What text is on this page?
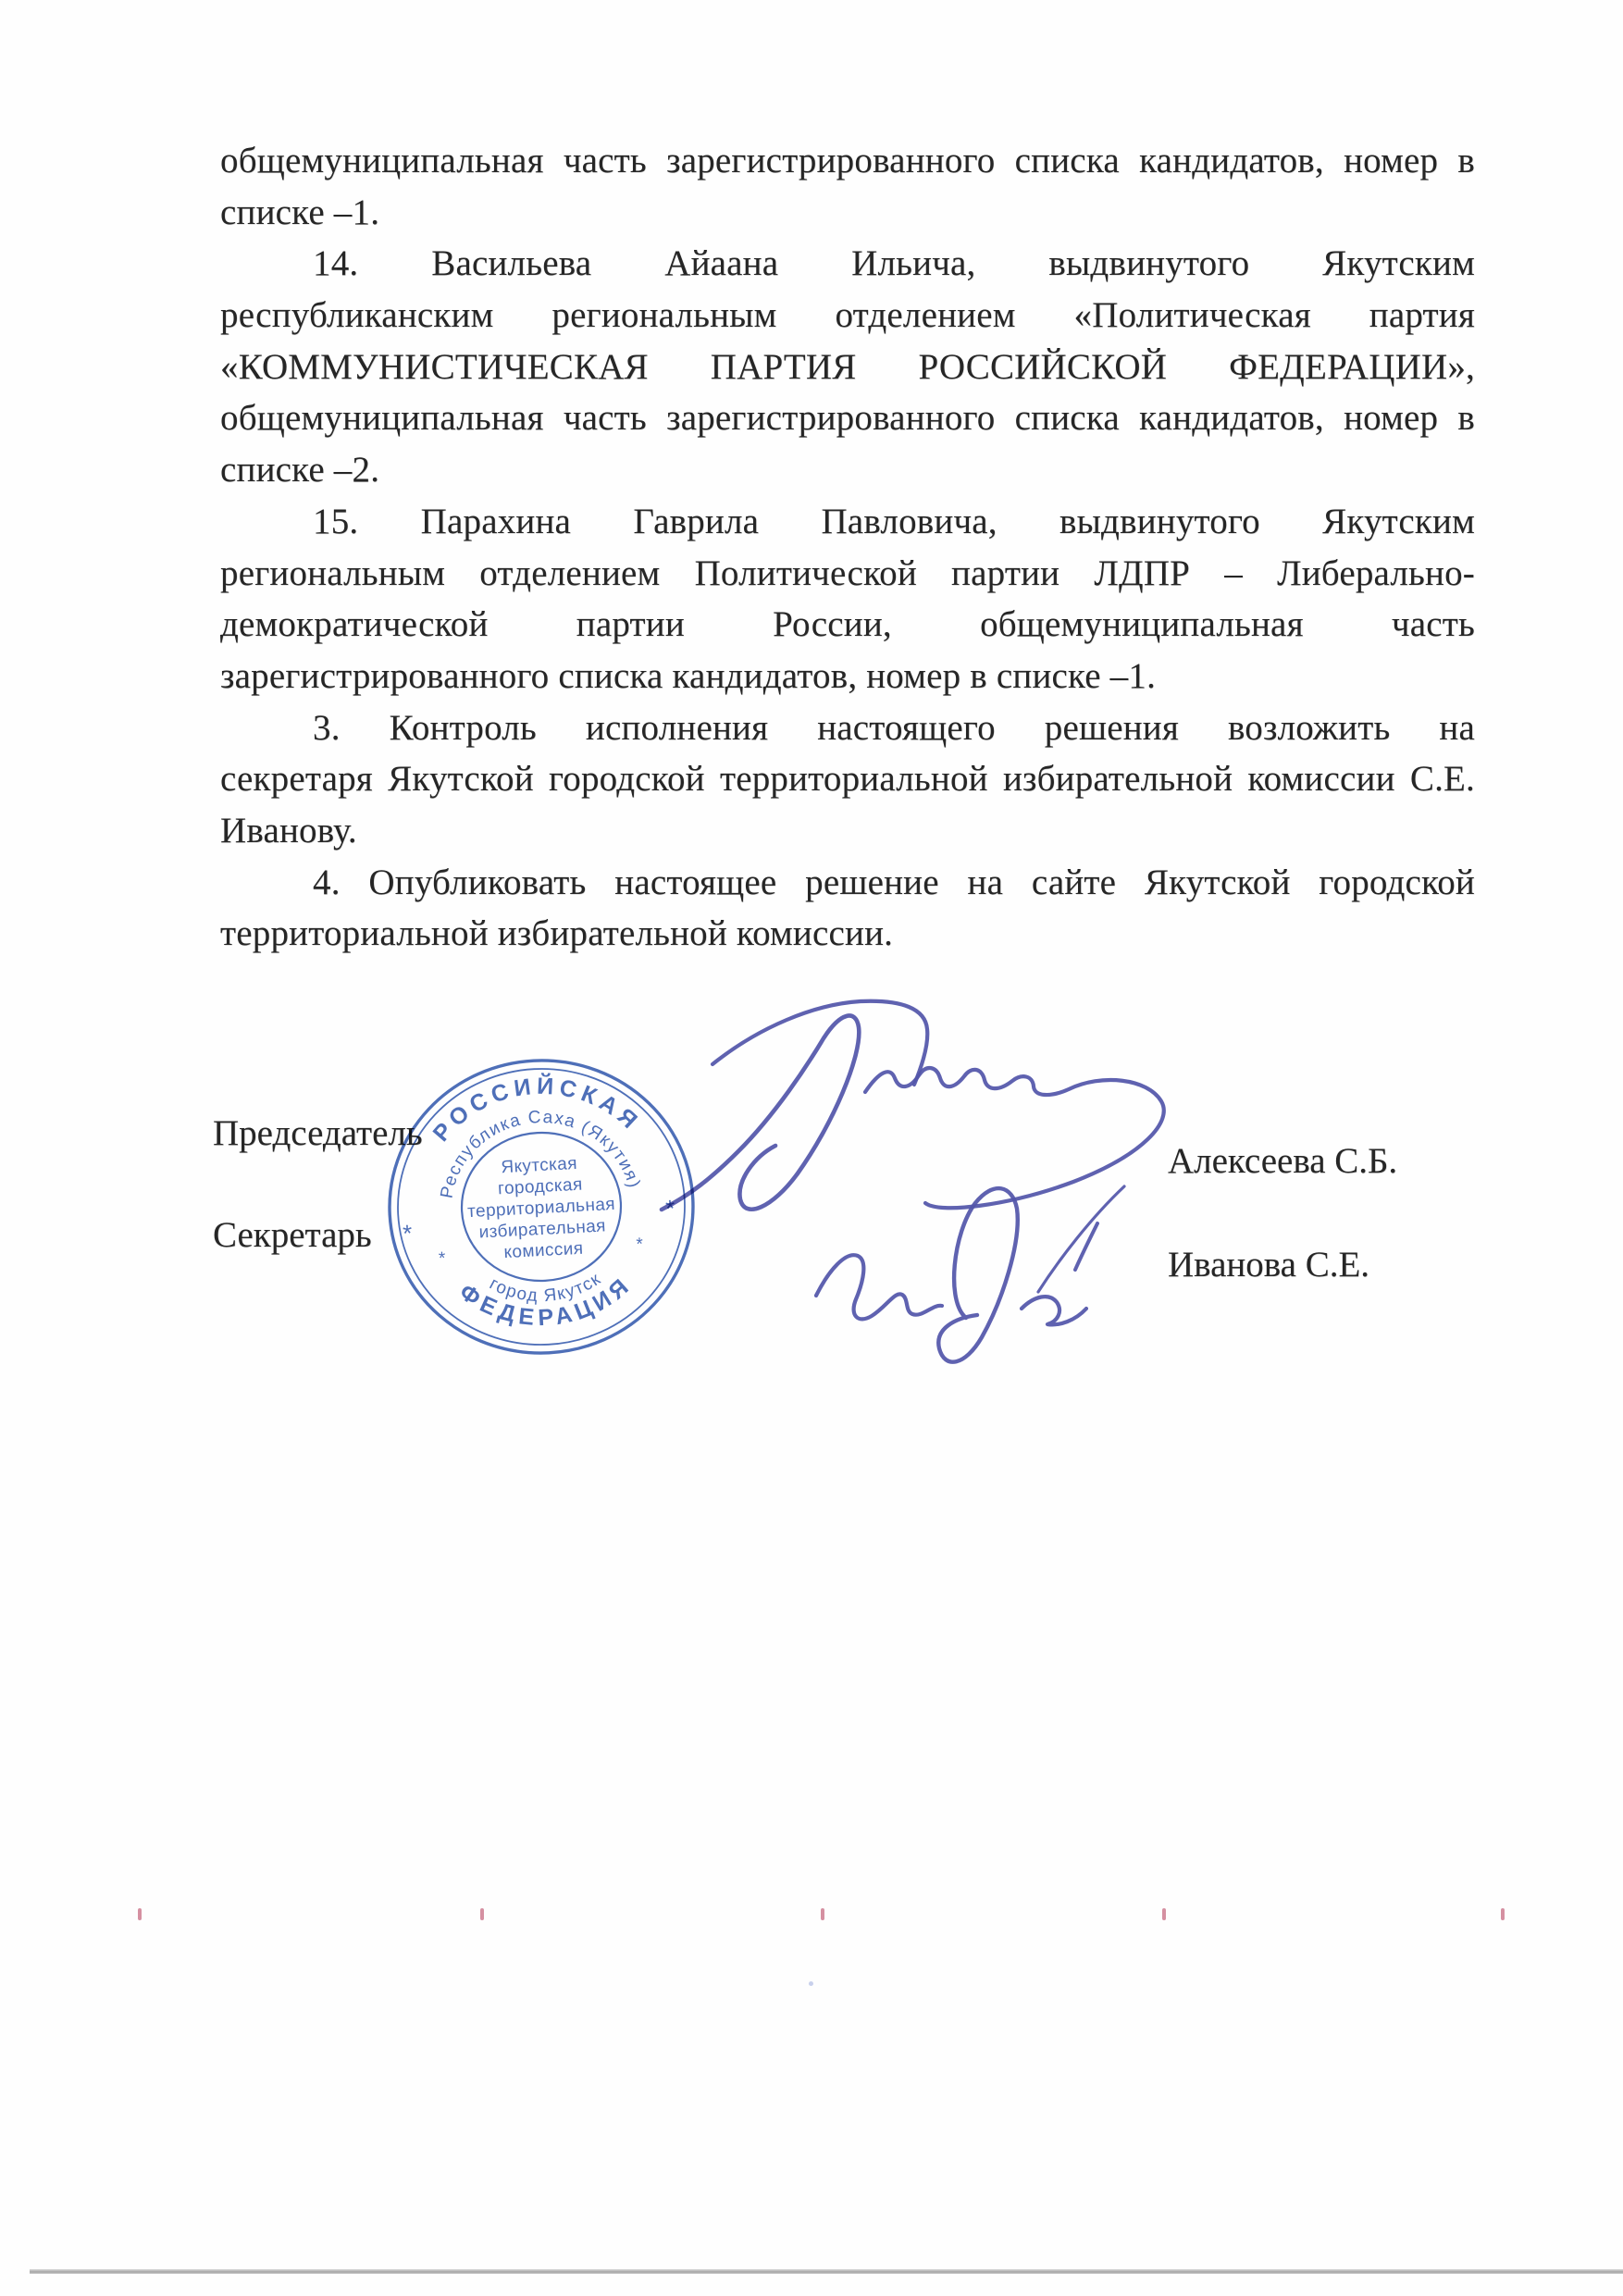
общемуниципальная часть зарегистрированного списка кандидатов, номер в
списке –1.
14. Васильева Айаана Ильича, выдвинутого Якутским
республиканским региональным отделением «Политическая партия
«КОММУНИСТИЧЕСКАЯ ПАРТИЯ РОССИЙСКОЙ ФЕДЕРАЦИИ»,
общемуниципальная часть зарегистрированного списка кандидатов, номер в
списке –2.
15. Парахина Гаврила Павловича, выдвинутого Якутским
региональным отделением Политической партии ЛДПР – Либерально-
демократической партии России, общемуниципальная часть
зарегистрированного списка кандидатов, номер в списке –1.
3. Контроль исполнения настоящего решения возложить на
секретаря Якутской городской территориальной избирательной комиссии С.Е.
Иванову.
4. Опубликовать настоящее решение на сайте Якутской городской
территориальной избирательной комиссии.
Председатель
Секретарь
Алексеева С.Б.
Иванова С.Е.
РОССИЙСКАЯ
ФЕДЕРАЦИЯ
Республика Саха (Якутия)
город Якутск
Якутская
городская
территориальная
избирательная
комиссия
*
*
*
*
